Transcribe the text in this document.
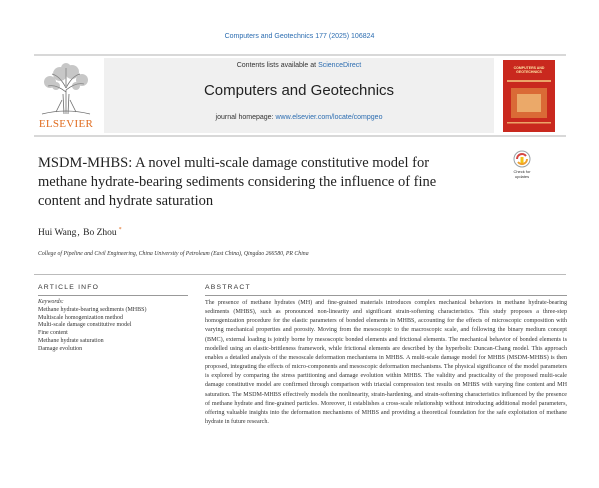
Computers and Geotechnics 177 (2025) 106824
ELSEVIER
Contents lists available at ScienceDirect
Computers and Geotechnics
journal homepage: www.elsevier.com/locate/compgeo
COMPUTERS AND GEOTECHNICS
MSDM-MHBS: A novel multi-scale damage constitutive model for methane hydrate-bearing sediments considering the influence of fine content and hydrate saturation
Check for
updates
Hui Wang, Bo Zhou *
College of Pipeline and Civil Engineering, China University of Petroleum (East China), Qingdao 266580, PR China
ARTICLE INFO	ABSTRACT
Keywords:
Methane hydrate-bearing sediments (MHBS)
Multiscale homogenization method
Multi-scale damage constitutive model
Fine content
Methane hydrate saturation
Damage evolution
The presence of methane hydrates (MH) and fine-grained materials introduces complex mechanical behaviors in methane hydrate-bearing sediments (MHBS), such as pronounced non-linearity and significant strain-softening characteristics. This study proposes a three-step homogenization procedure for the elastic parameters of bonded elements in MHBS, accounting for the effects of microscopic composition with varying mechanical properties and porosity. Moving from the mesoscopic to the macroscopic scale, and following the binary medium concept (BMC), external loading is jointly borne by mesoscopic bonded elements and frictional elements. The mechanical behavior of bonded elements is modelled using an elastic-brittleness framework, while frictional elements are described by the hyperbolic Duncan-Chang model. This approach enables a detailed analysis of the mesoscale deformation mechanisms in MHBS. A multi-scale damage model for MHBS (MSDM-MHBS) is then proposed, integrating the effects of micro-components and mesoscopic deformation mechanisms. The physical significance of the model parameters is explored by comparing the stress partitioning and damage evolution within MHBS. The validity and practicality of the proposed multi-scale damage constitutive model are confirmed through comparison with triaxial compression test results on MHBS with varying fine content and MH saturation. The MSDM-MHBS effectively models the nonlinearity, strain-hardening, and strain-softening characteristics influenced by the presence of methane hydrate and fine-grained particles. Moreover, it establishes a cross-scale relationship without introducing additional model parameters, offering valuable insights into the deformation mechanisms of MHBS and providing a theoretical foundation for the safe exploitation of methane hydrate in future research.
